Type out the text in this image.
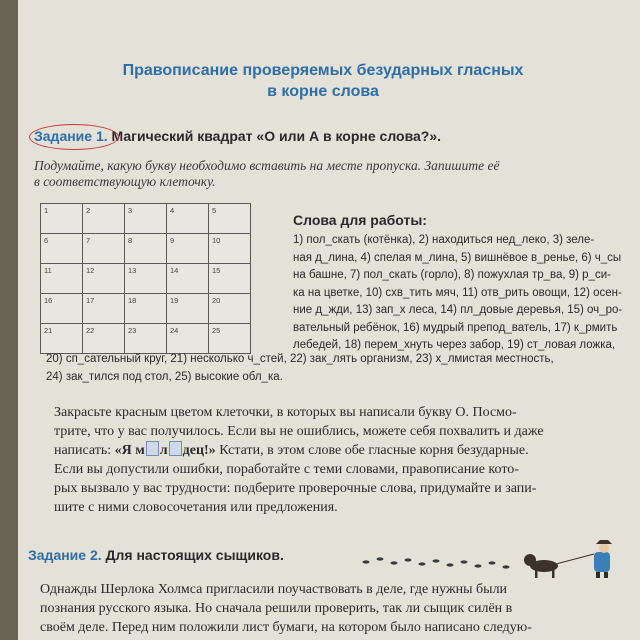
Правописание проверяемых безударных гласных
в корне слова
Задание 1. Магический квадрат «О или А в корне слова?».
Подумайте, какую букву необходимо вставить на месте пропуска. Запишите её
в соответствующую клеточку.
1	2	3	4	5

6	7	8	9	10

11	12	13	14	15

16	17	18	19	20

21	22	23	24	25
Слова для работы:
1) пол_скать (котёнка), 2) находиться нед_леко, 3) зеле-
ная д_лина, 4) спелая м_лина, 5) вишнёвое в_ренье, 6) ч_сы
на башне, 7) пол_скать (горло), 8) пожухлая тр_ва, 9) р_си-
ка на цветке, 10) схв_тить мяч, 11) отв_рить овощи, 12) осен-
ние д_жди, 13) зап_х леса, 14) пл_довые деревья, 15) оч_ро-
вательный ребёнок, 16) мудрый препод_ватель, 17) к_рмить
лебедей, 18) перем_хнуть через забор, 19) ст_ловая ложка,
20) сп_сательный круг, 21) несколько ч_стей, 22) зак_лять организм, 23) х_лмистая местность,
24) зак_тился под стол, 25) высокие обл_ка.
Закрасьте красным цветом клеточки, в которых вы написали букву О. Посмо-
трите, что у вас получилось. Если вы не ошиблись, можете себя похвалить и даже
написать: «Я м л дец!» Кстати, в этом слове обе гласные корня безударные.
Если вы допустили ошибки, поработайте с теми словами, правописание кото-
рых вызвало у вас трудности: подберите проверочные слова, придумайте и запи-
шите с ними словосочетания или предложения.
Задание 2. Для настоящих сыщиков.
Однажды Шерлока Холмса пригласили поучаствовать в деле, где нужны были
познания русского языка. Но сначала решили проверить, так ли сыщик силён в
своём деле. Перед ним положили лист бумаги, на котором было написано следую-
